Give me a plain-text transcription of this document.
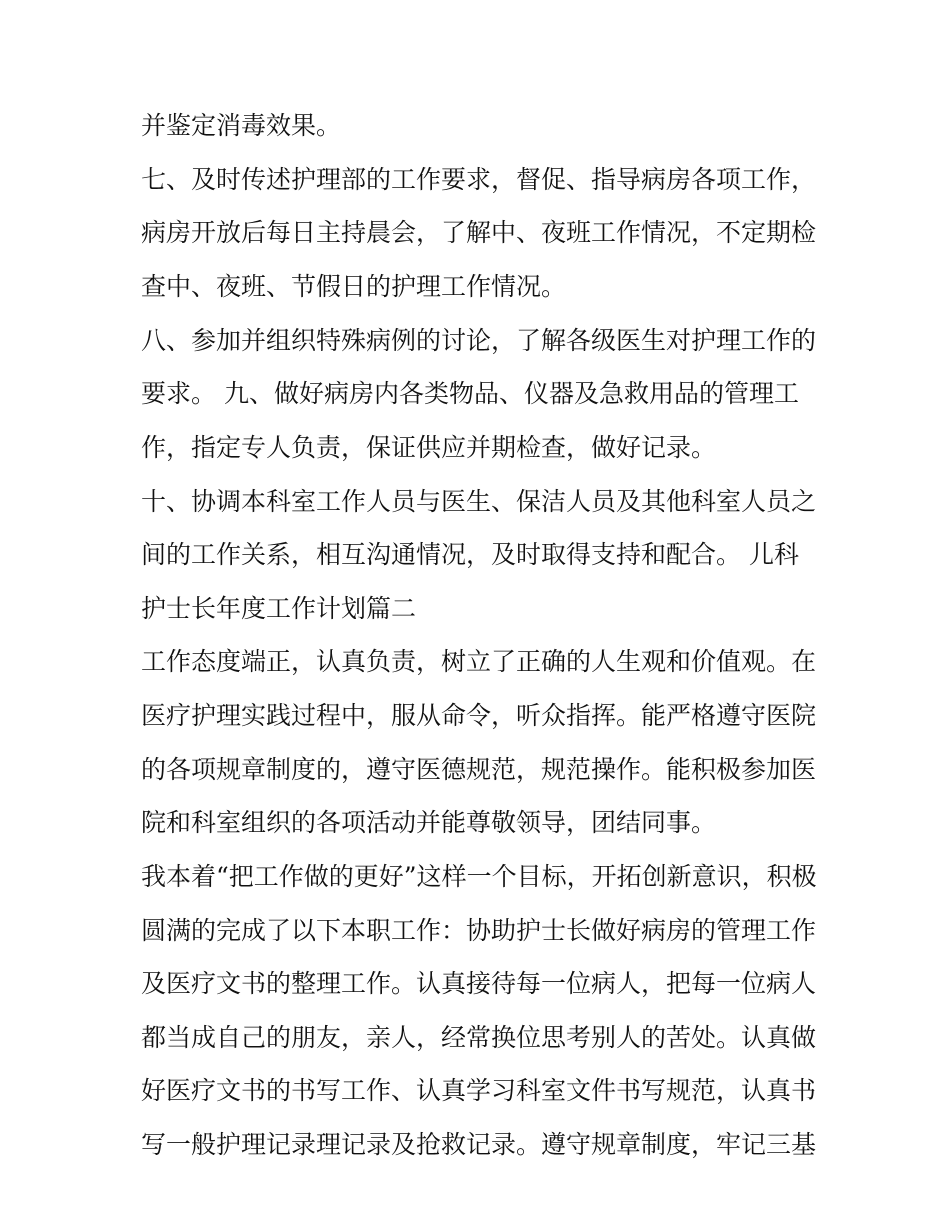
并鉴定消毒效果。
七、及时传述护理部的工作要求，督促、指导病房各项工作，
病房开放后每日主持晨会，了解中、夜班工作情况，不定期检
查中、夜班、节假日的护理工作情况。
八、参加并组织特殊病例的讨论，了解各级医生对护理工作的
要求。 九、做好病房内各类物品、仪器及急救用品的管理工
作，指定专人负责，保证供应并期检查，做好记录。
十、协调本科室工作人员与医生、保洁人员及其他科室人员之
间的工作关系，相互沟通情况，及时取得支持和配合。 儿科
护士长年度工作计划篇二
工作态度端正，认真负责，树立了正确的人生观和价值观。在
医疗护理实践过程中，服从命令，听众指挥。能严格遵守医院
的各项规章制度的，遵守医德规范，规范操作。能积极参加医
院和科室组织的各项活动并能尊敬领导，团结同事。
我本着“把工作做的更好”这样一个目标，开拓创新意识，积极
圆满的完成了以下本职工作：协助护士长做好病房的管理工作
及医疗文书的整理工作。认真接待每一位病人，把每一位病人
都当成自己的朋友，亲人，经常换位思考别人的苦处。认真做
好医疗文书的书写工作、认真学习科室文件书写规范，认真书
写一般护理记录理记录及抢救记录。遵守规章制度，牢记三基
